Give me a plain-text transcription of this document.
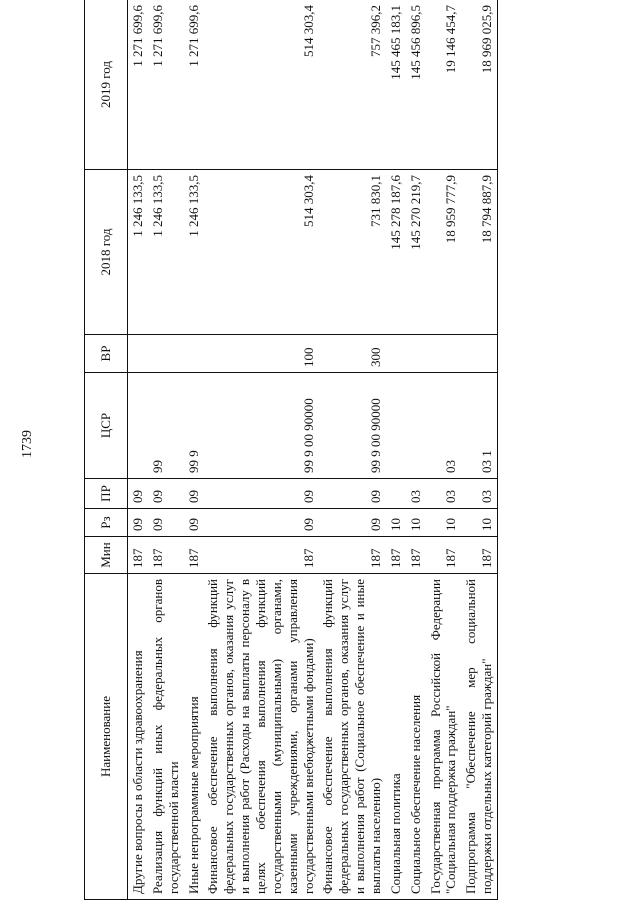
1739
Наименование	Мин	Рз	ПР	ЦСР	ВР	2018 год	2019 год
Другие вопросы в области здравоохранения	187	09	09			1 246 133,5	1 271 699,6
Реализация функций иных федеральных органов государственной власти	187	09	09	99		1 246 133,5	1 271 699,6
Иные непрограммные мероприятия	187	09	09	99 9		1 246 133,5	1 271 699,6
Финансовое обеспечение выполнения функций федеральных государственных органов, оказания услуг и выполнения работ (Расходы на выплаты персоналу в целях обеспечения выполнения функций государственными (муниципальными) органами, казенными учреждениями, органами управления государственными внебюджетными фондами)	187	09	09	99 9 00 90000	100	514 303,4	514 303,4
Финансовое обеспечение выполнения функций федеральных государственных органов, оказания услуг и выполнения работ (Социальное обеспечение и иные выплаты населению)	187	09	09	99 9 00 90000	300	731 830,1	757 396,2
Социальная политика	187	10				145 278 187,6	145 465 183,1
Социальное обеспечение населения	187	10	03			145 270 219,7	145 456 896,5
Государственная программа Российской Федерации "Социальная поддержка граждан"	187	10	03	03		18 959 777,9	19 146 454,7
Подпрограмма "Обеспечение мер социальной поддержки отдельных категорий граждан"	187	10	03	03 1		18 794 887,9	18 969 025,9
